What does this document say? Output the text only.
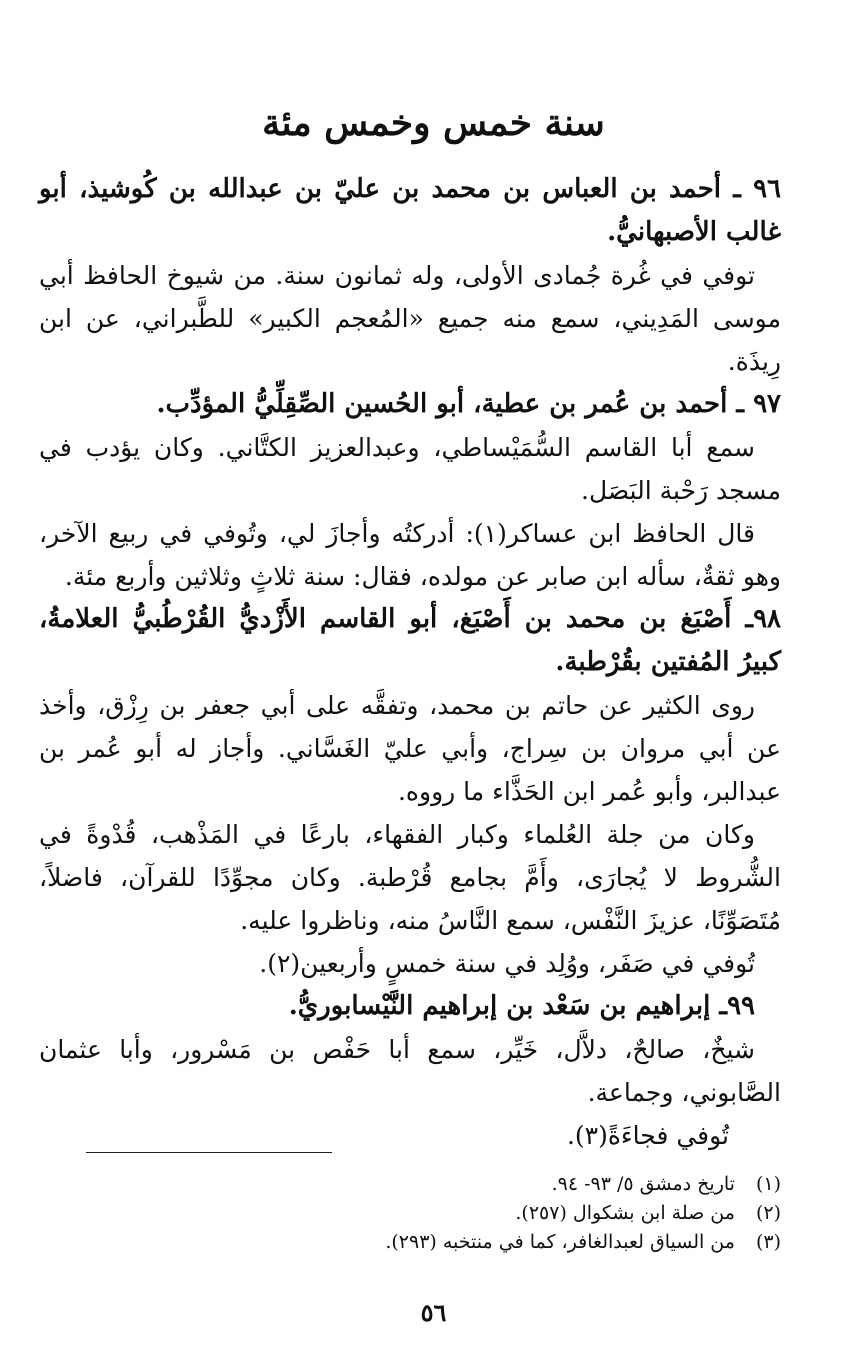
سنة خمس وخمس مئة

٩٦ ـ أحمد بن العباس بن محمد بن عليّ بن عبدالله بن كُوشيذ، أبو غالب الأصبهانيُّ.

توفي في غُرة جُمادى الأولى، وله ثمانون سنة. من شيوخ الحافظ أبي موسى المَدِيني، سمع منه جميع «المُعجم الكبير» للطَّبراني، عن ابن رِيذَة.

٩٧ ـ أحمد بن عُمر بن عطية، أبو الحُسين الصِّقِلِّيُّ المؤدِّب.

سمع أبا القاسم السُّمَيْساطي، وعبدالعزيز الكتَّاني. وكان يؤدب في مسجد رَحْبة البَصَل.

قال الحافظ ابن عساكر(١): أدركتُه وأجازَ لي، وتُوفي في ربيع الآخر، وهو ثقةٌ، سأله ابن صابر عن مولده، فقال: سنة ثلاثٍ وثلاثين وأربع مئة.

٩٨ـ أَصْبَغ بن محمد بن أَصْبَغ، أبو القاسم الأَزْديُّ القُرْطُبيُّ العلامةُ، كبيرُ المُفتين بقُرْطبة.

روى الكثير عن حاتم بن محمد، وتفقَّه على أبي جعفر بن رِزْق، وأخذ عن أبي مروان بن سِراج، وأبي عليّ الغَسَّاني. وأجاز له أبو عُمر بن عبدالبر، وأبو عُمر ابن الحَذَّاء ما رووه.

وكان من جلة العُلماء وكبار الفقهاء، بارعًا في المَذْهب، قُدْوةً في الشُّروط لا يُجارَى، وأَمَّ بجامع قُرْطبة. وكان مجوِّدًا للقرآن، فاضلاً، مُتَصَوِّنًا، عزيزَ النَّفْس، سمع النَّاسُ منه، وناظروا عليه.

تُوفي في صَفَر، ووُلِد في سنة خمسٍ وأربعين(٢).

٩٩ـ إبراهيم بن سَعْد بن إبراهيم النَّيْسابوريُّ.

شيخٌ، صالحٌ، دلاَّل، خَيِّر، سمع أبا حَفْص بن مَسْرور، وأبا عثمان الصَّابوني، وجماعة.

تُوفي فجاءَةً(٣).

(١) تاريخ دمشق ٥/ ٩٣- ٩٤.

(٢) من صلة ابن بشكوال (٢٥٧).

(٣) من السياق لعبدالغافر، كما في منتخبه (٢٩٣).

٥٦
